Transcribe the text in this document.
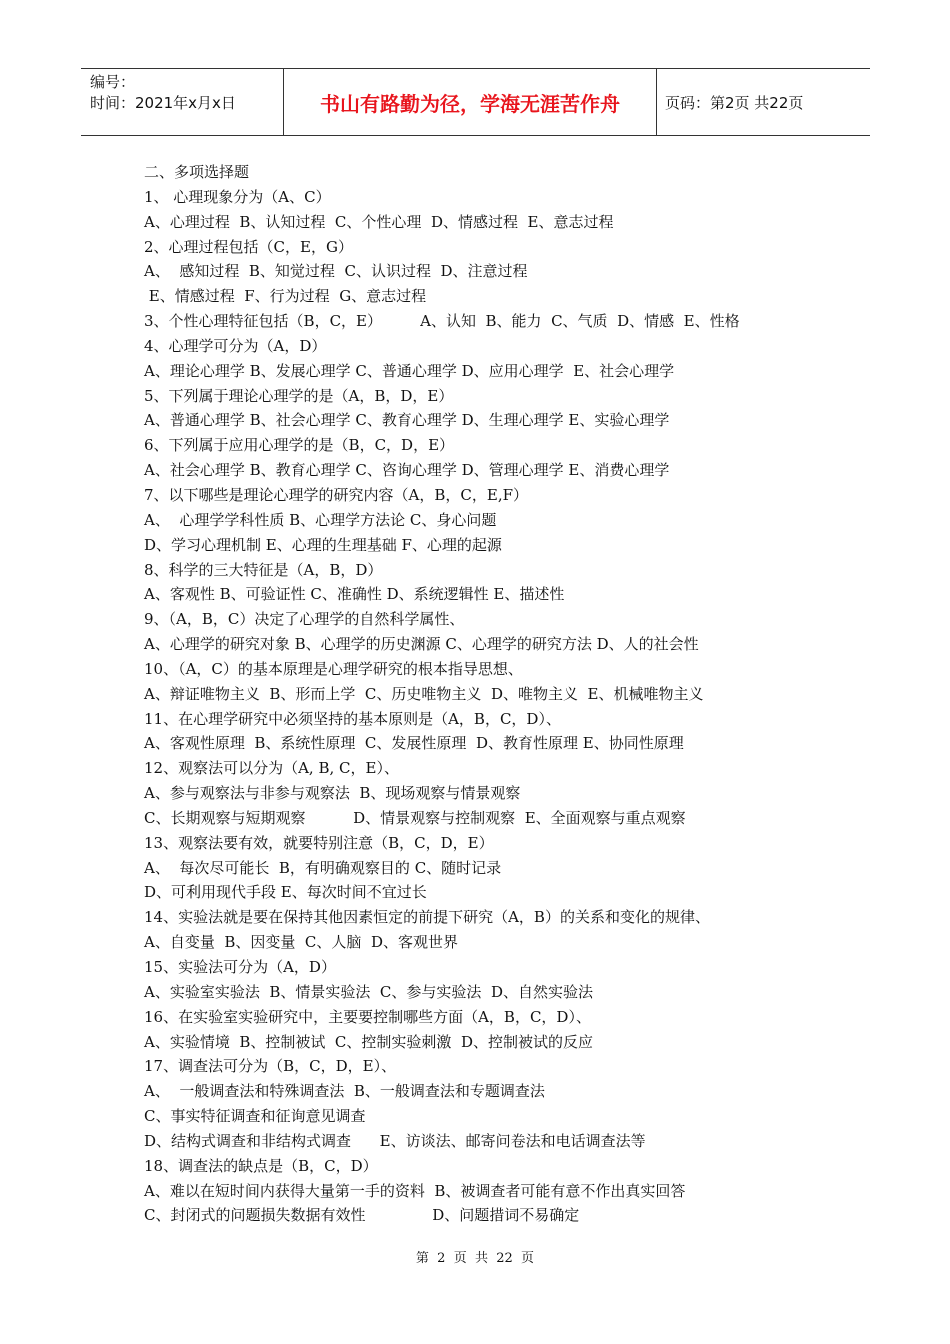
编号：
时间：2021年x月x日	书山有路勤为径，学海无涯苦作舟	页码：第2页 共22页
二、多项选择题
1、 心理现象分为（A、C）
A、心理过程  B、认知过程  C、个性心理  D、情感过程  E、意志过程
2、心理过程包括（C，E，G）
A、  感知过程  B、知觉过程  C、认识过程  D、注意过程
E、情感过程  F、行为过程  G、意志过程
3、个性心理特征包括（B，C，E）        A、认知  B、能力  C、气质  D、情感  E、性格
4、心理学可分为（A，D）
A、理论心理学 B、发展心理学 C、普通心理学 D、应用心理学  E、社会心理学
5、下列属于理论心理学的是（A，B，D，E）
A、普通心理学 B、社会心理学 C、教育心理学 D、生理心理学 E、实验心理学
6、下列属于应用心理学的是（B，C，D，E）
A、社会心理学 B、教育心理学 C、咨询心理学 D、管理心理学 E、消费心理学
7、以下哪些是理论心理学的研究内容（A，B，C，E,F）
A、  心理学学科性质 B、心理学方法论 C、身心问题
D、学习心理机制 E、心理的生理基础 F、心理的起源
8、科学的三大特征是（A，B，D）
A、客观性 B、可验证性 C、准确性 D、系统逻辑性 E、描述性
9、（A，B，C）决定了心理学的自然科学属性、
A、心理学的研究对象 B、心理学的历史渊源 C、心理学的研究方法 D、人的社会性
10、（A，C）的基本原理是心理学研究的根本指导思想、
A、辩证唯物主义  B、形而上学  C、历史唯物主义  D、唯物主义  E、机械唯物主义
11、在心理学研究中必须坚持的基本原则是（A，B，C，D）、
A、客观性原理  B、系统性原理  C、发展性原理  D、教育性原理 E、协同性原理
12、观察法可以分为（A, B, C，E）、
A、参与观察法与非参与观察法  B、现场观察与情景观察
C、长期观察与短期观察          D、情景观察与控制观察  E、全面观察与重点观察
13、观察法要有效，就要特别注意（B，C，D，E）
A、  每次尽可能长  B，有明确观察目的 C、随时记录
D、可利用现代手段 E、每次时间不宜过长
14、实验法就是要在保持其他因素恒定的前提下研究（A，B）的关系和变化的规律、
A、自变量  B、因变量  C、人脑  D、客观世界
15、实验法可分为（A，D）
A、实验室实验法  B、情景实验法  C、参与实验法  D、自然实验法
16、在实验室实验研究中，主要要控制哪些方面（A，B，C，D）、
A、实验情境  B、控制被试  C、控制实验刺激  D、控制被试的反应
17、调查法可分为（B，C，D，E）、
A、  一般调查法和特殊调查法  B、一般调查法和专题调查法
C、事实特征调查和征询意见调查
D、结构式调查和非结构式调查      E、访谈法、邮寄问卷法和电话调查法等
18、调查法的缺点是（B，C，D）
A、难以在短时间内获得大量第一手的资料  B、被调查者可能有意不作出真实回答
C、封闭式的问题损失数据有效性              D、问题措词不易确定
第  2  页  共  22  页
